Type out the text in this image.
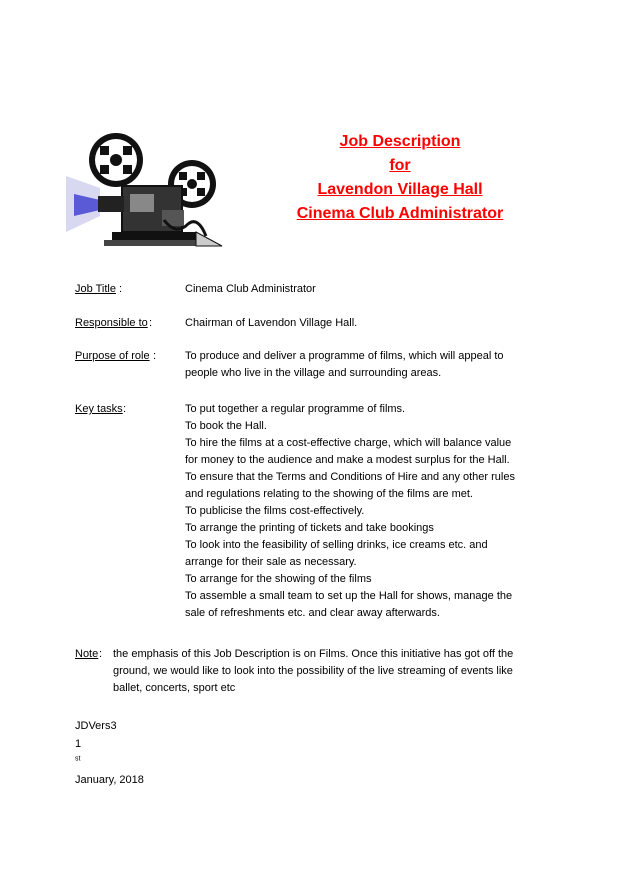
Job Description
for
Lavendon Village Hall
Cinema Club Administrator
Job Title :	Cinema Club Administrator
Responsible to :	Chairman of Lavendon Village Hall.
Purpose of role :	To produce and deliver a programme of films, which will appeal to
people who live in the village and surrounding areas.
Key tasks :	To put together a regular programme of films.
To book the Hall.
To hire the films at a cost-effective charge, which will balance value
for money to the audience and make a modest surplus for the Hall.
To ensure that the Terms and Conditions of Hire and any other rules
and regulations relating to the showing of the films are met.
To publicise the films cost-effectively.
To arrange the printing of tickets and take bookings
To look into the feasibility of selling drinks, ice creams etc. and
arrange for their sale as necessary.
To arrange for the showing of the films
To assemble a small team to set up the Hall for shows, manage the
sale of refreshments etc. and clear away afterwards.
Note : the emphasis of this Job Description is on Films. Once this initiative has got off the
ground, we would like to look into the possibility of the live streaming of events like
ballet, concerts, sport etc
JDVers3
1
$^{st}$
January, 2018
